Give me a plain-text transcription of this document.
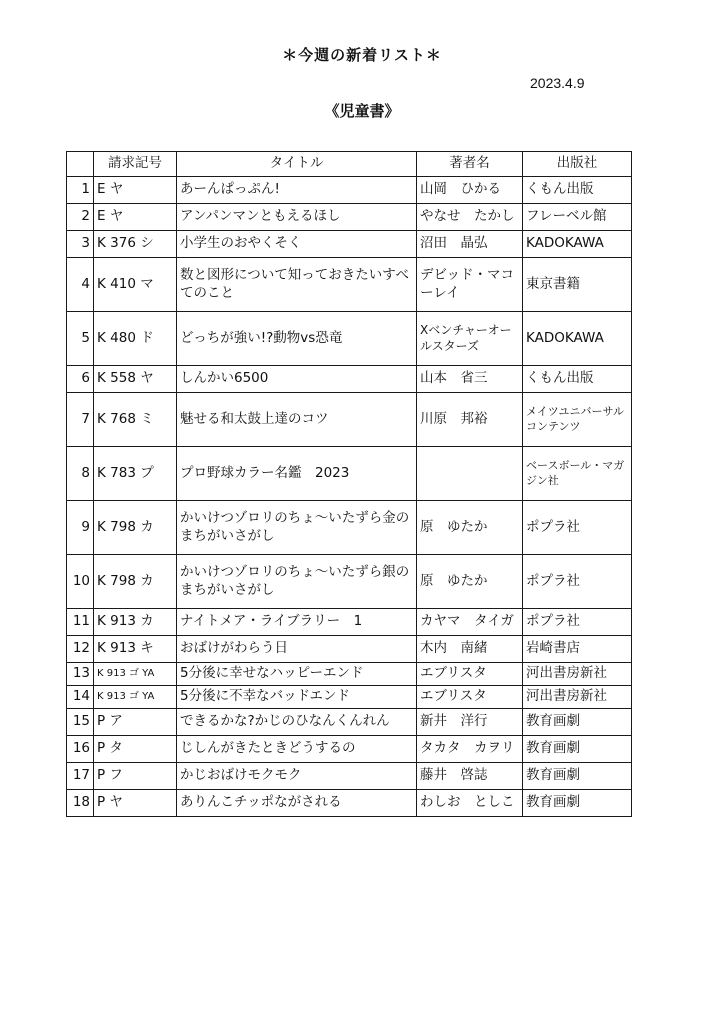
＊今週の新着リスト＊
2023.4.9
《児童書》
	請求記号	タイトル	著者名	出版社
1	E ヤ	あーんぱっぷん!	山岡　ひかる	くもん出版
2	E ヤ	アンパンマンともえるほし	やなせ　たかし	フレーベル館
3	K 376 シ	小学生のおやくそく	沼田　晶弘	KADOKAWA
4	K 410 マ	数と図形について知っておきたいすべてのこと	デビッド・マコーレイ	東京書籍
5	K 480 ド	どっちが強い!?動物vs恐竜	Xベンチャーオールスターズ	KADOKAWA
6	K 558 ヤ	しんかい6500	山本　省三	くもん出版
7	K 768 ミ	魅せる和太鼓上達のコツ	川原　邦裕	メイツユニバーサルコンテンツ
8	K 783 プ	プロ野球カラー名鑑　2023		ベースボール・マガジン社
9	K 798 カ	かいけつゾロリのちょ～いたずら金のまちがいさがし	原　ゆたか	ポプラ社
10	K 798 カ	かいけつゾロリのちょ～いたずら銀のまちがいさがし	原　ゆたか	ポプラ社
11	K 913 カ	ナイトメア・ライブラリー　1	カヤマ　タイガ	ポプラ社
12	K 913 キ	おばけがわらう日	木内　南緒	岩崎書店
13	K 913 ゴ YA	5分後に幸せなハッピーエンド	エブリスタ	河出書房新社
14	K 913 ゴ YA	5分後に不幸なバッドエンド	エブリスタ	河出書房新社
15	P ア	できるかな?かじのひなんくんれん	新井　洋行	教育画劇
16	P タ	じしんがきたときどうするの	タカタ　カヲリ	教育画劇
17	P フ	かじおばけモクモク	藤井　啓誌	教育画劇
18	P ヤ	ありんこチッポながされる	わしお　としこ	教育画劇
